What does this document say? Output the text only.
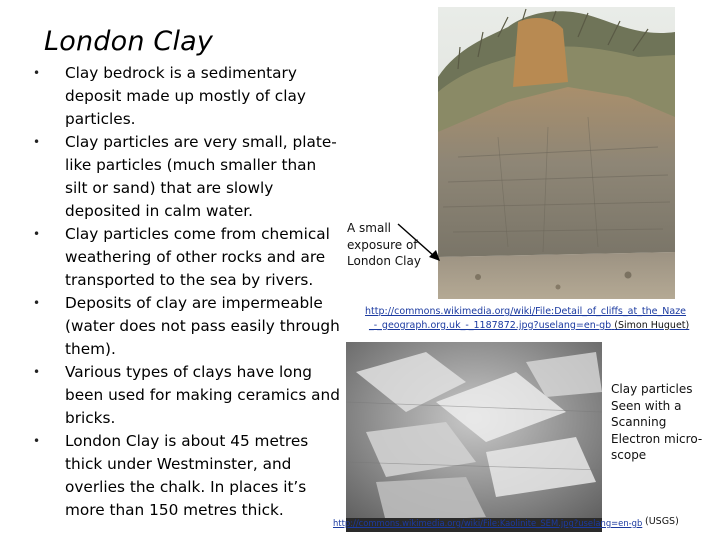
London Clay
• Clay bedrock is a sedimentary deposit made up mostly of clay particles.
• Clay particles are very small, plate-like particles (much smaller than silt or sand) that are slowly deposited in calm water.
• Clay particles come from chemical weathering of other rocks and are transported to the sea by rivers.
• Deposits of clay are impermeable (water does not pass easily through them).
• Various types of clays have long been used for making ceramics and bricks.
• London Clay is about 45 metres thick under Westminster, and overlies the chalk. In places it’s more than 150 metres thick.
A small exposure of London Clay
http://commons.wikimedia.org/wiki/File:Detail_of_cliffs_at_the_Naze
_-_geograph.org.uk_-_1187872.jpg?uselang=en-gb (Simon Huguet)
Clay particles Seen with a Scanning Electron micro-scope
http://commons.wikimedia.org/wiki/File:Kaolinite_SEM.jpg?uselang=en-gb (USGS)
